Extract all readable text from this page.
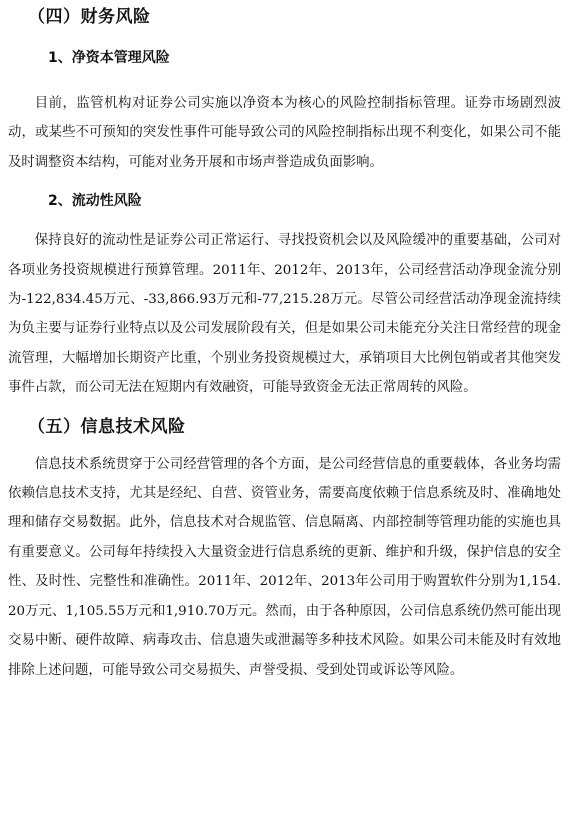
（四）财务风险
1、净资本管理风险

目前，监管机构对证券公司实施以净资本为核心的风险控制指标管理。证券市场剧烈波动，或某些不可预知的突发性事件可能导致公司的风险控制指标出现不利变化，如果公司不能及时调整资本结构，可能对业务开展和市场声誉造成负面影响。

2、流动性风险

保持良好的流动性是证券公司正常运行、寻找投资机会以及风险缓冲的重要基础，公司对各项业务投资规模进行预算管理。2011年、2012年、2013年，公司经营活动净现金流分别为-122,834.45万元、-33,866.93万元和-77,215.28万元。尽管公司经营活动净现金流持续为负主要与证券行业特点以及公司发展阶段有关，但是如果公司未能充分关注日常经营的现金流管理，大幅增加长期资产比重，个别业务投资规模过大，承销项目大比例包销或者其他突发事件占款，而公司无法在短期内有效融资，可能导致资金无法正常周转的风险。

（五）信息技术风险

信息技术系统贯穿于公司经营管理的各个方面，是公司经营信息的重要载体，各业务均需依赖信息技术支持，尤其是经纪、自营、资管业务，需要高度依赖于信息系统及时、准确地处理和储存交易数据。此外，信息技术对合规监管、信息隔离、内部控制等管理功能的实施也具有重要意义。公司每年持续投入大量资金进行信息系统的更新、维护和升级，保护信息的安全性、及时性、完整性和准确性。2011年、2012年、2013年公司用于购置软件分别为1,154.20万元、1,105.55万元和1,910.70万元。然而，由于各种原因，公司信息系统仍然可能出现交易中断、硬件故障、病毒攻击、信息遗失或泄漏等多种技术风险。如果公司未能及时有效地排除上述问题，可能导致公司交易损失、声誉受损、受到处罚或诉讼等风险。
